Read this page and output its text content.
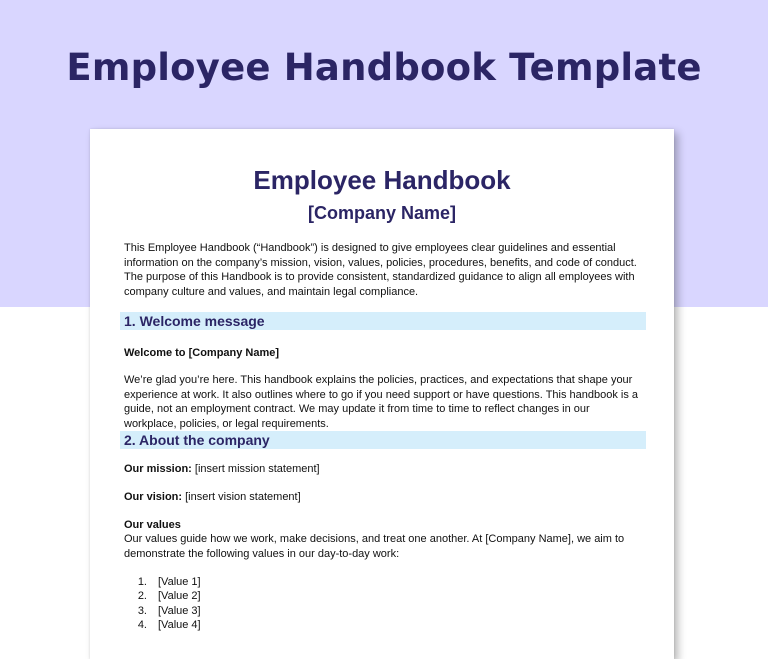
Employee Handbook Template
Employee Handbook
[Company Name]
This Employee Handbook (“Handbook”) is designed to give employees clear guidelines and essential information on the company’s mission, vision, values, policies, procedures, benefits, and code of conduct. The purpose of this Handbook is to provide consistent, standardized guidance to align all employees with company culture and values, and maintain legal compliance.
1. Welcome message
Welcome to [Company Name]
We’re glad you’re here. This handbook explains the policies, practices, and expectations that shape your experience at work. It also outlines where to go if you need support or have questions. This handbook is a guide, not an employment contract. We may update it from time to time to reflect changes in our workplace, policies, or legal requirements.
2. About the company
Our mission: [insert mission statement]
Our vision: [insert vision statement]
Our values
Our values guide how we work, make decisions, and treat one another. At [Company Name], we aim to demonstrate the following values in our day-to-day work:
1.	[Value 1]
2.	[Value 2]
3.	[Value 3]
4.	[Value 4]
